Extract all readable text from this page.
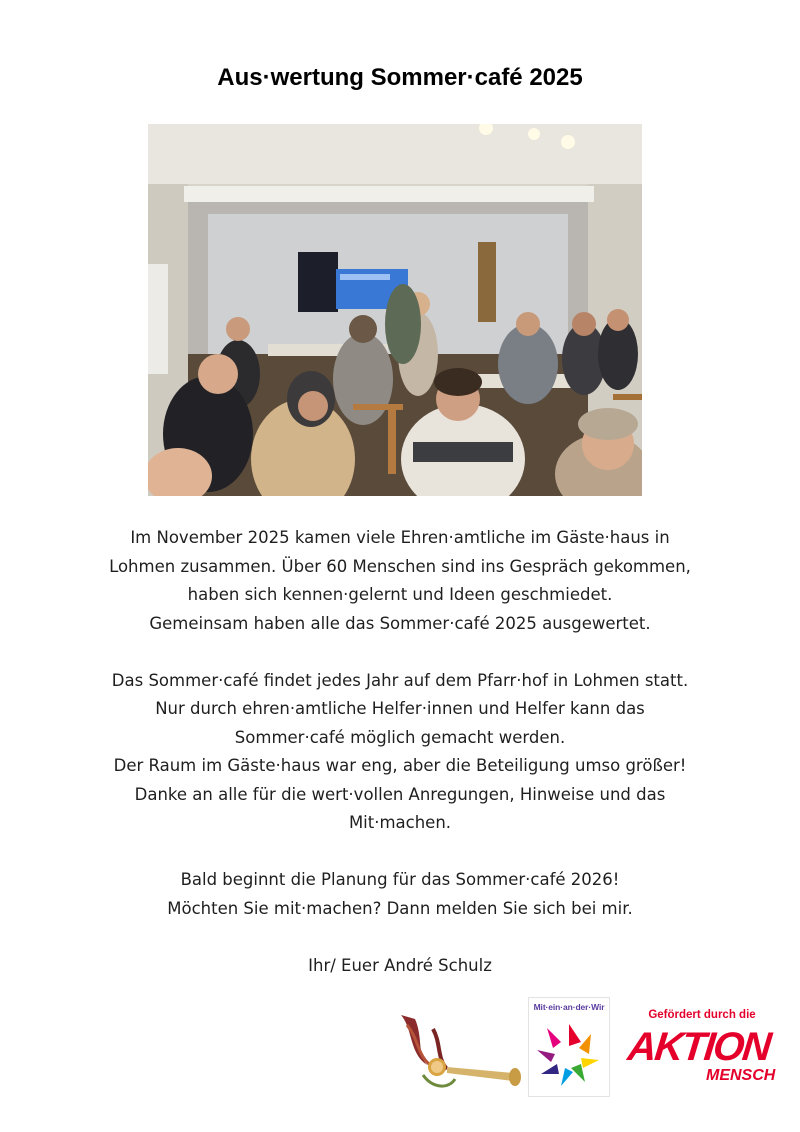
Aus·wertung Sommer·café 2025

Im November 2025 kamen viele Ehren·amtliche im Gäste·haus in
Lohmen zusammen. Über 60 Menschen sind ins Gespräch gekommen,
haben sich kennen·gelernt und Ideen geschmiedet.
Gemeinsam haben alle das Sommer·café 2025 ausgewertet.

Das Sommer·café findet jedes Jahr auf dem Pfarr·hof in Lohmen statt.
Nur durch ehren·amtliche Helfer·innen und Helfer kann das
Sommer·café möglich gemacht werden.
Der Raum im Gäste·haus war eng, aber die Beteiligung umso größer!
Danke an alle für die wert·vollen Anregungen, Hinweise und das
Mit·machen.

Bald beginnt die Planung für das Sommer·café 2026!
Möchten Sie mit·machen? Dann melden Sie sich bei mir.

Ihr/ Euer André Schulz

Mit·ein·an·der·Wir
Gefördert durch die
AKTION
MENSCH
